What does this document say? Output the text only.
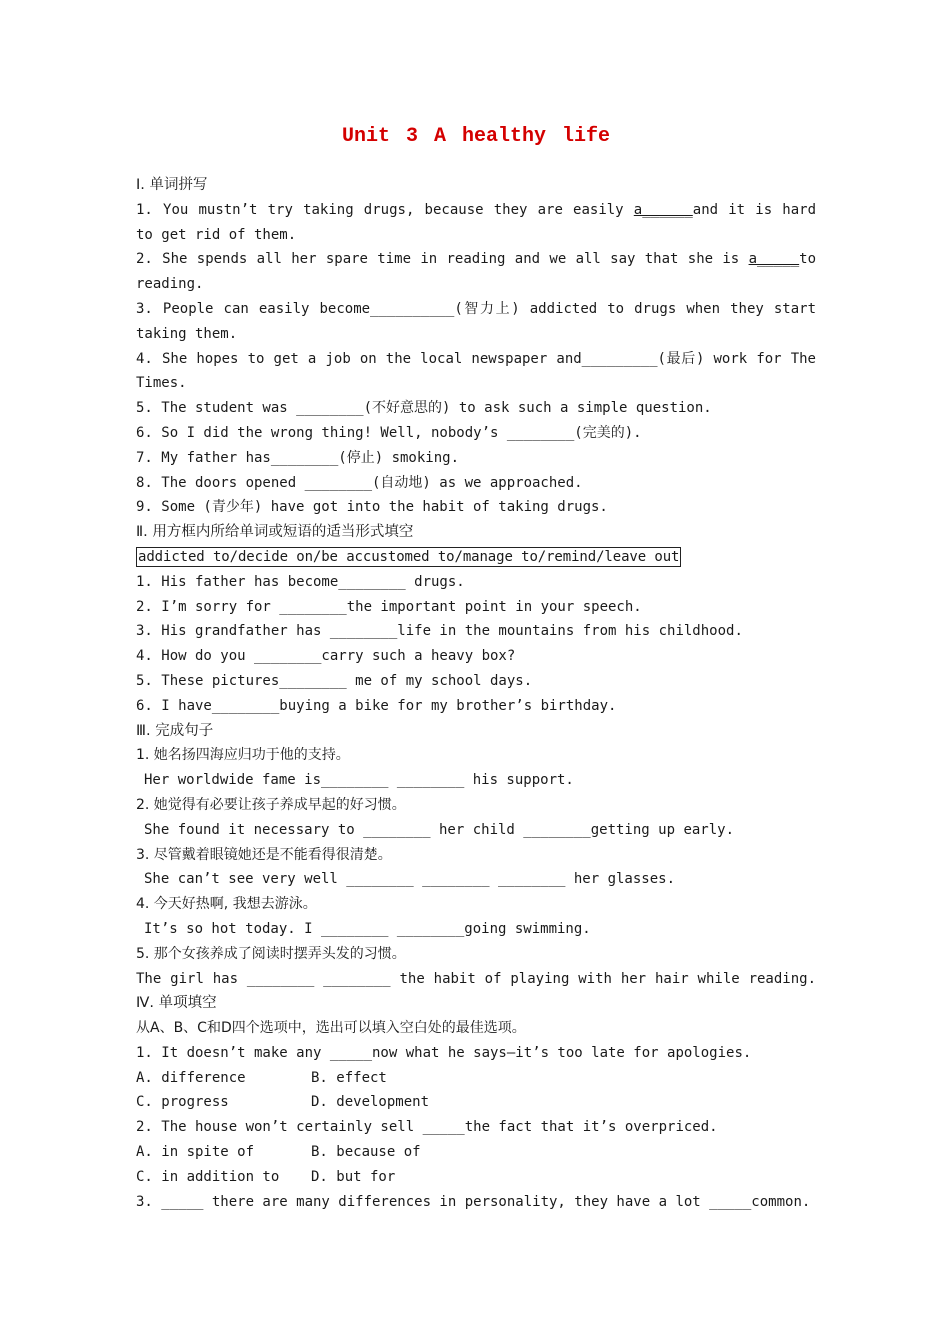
Unit 3 A healthy life
Ⅰ. 单词拼写
1. You mustn’t try taking drugs, because they are easily a______and it is hard
to get rid of them.
2. She spends all her spare time in reading and we all say that she is a_____to
reading.
3. People can easily become__________(智力上) addicted to drugs when they start
taking them.
4. She hopes to get a job on the local newspaper and_________(最后) work for The
Times.
5. The student was ________(不好意思的) to ask such a simple question.
6. So I did the wrong thing! Well, nobody’s ________(完美的).
7. My father has________(停止) smoking.
8. The doors opened ________(自动地) as we approached.
9. Some (青少年) have got into the habit of taking drugs.
Ⅱ. 用方框内所给单词或短语的适当形式填空
addicted to/decide on/be accustomed to/manage to/remind/leave out
1. His father has become________ drugs.
2. I’m sorry for ________the important point in your speech.
3. His grandfather has ________life in the mountains from his childhood.
4. How do you ________carry such a heavy box?
5. These pictures________ me of my school days.
6. I have________buying a bike for my brother’s birthday.
Ⅲ. 完成句子
1. 她名扬四海应归功于他的支持。
Her worldwide fame is________ ________ his support.
2. 她觉得有必要让孩子养成早起的好习惯。
She found it necessary to ________ her child ________getting up early.
3. 尽管戴着眼镜她还是不能看得很清楚。
She can’t see very well ________ ________ ________ her glasses.
4. 今天好热啊, 我想去游泳。
It’s so hot today. I ________ ________going swimming.
5. 那个女孩养成了阅读时摆弄头发的习惯。
The girl has ________ ________ the habit of playing with her hair while reading.
Ⅳ. 单项填空
从A、B、C和D四个选项中，选出可以填入空白处的最佳选项。
1. It doesn’t make any _____now what he says—it’s too late for apologies.
A. difference	B. effect
C. progress	D. development
2. The house won’t certainly sell _____the fact that it’s overpriced.
A. in spite of	B. because of
C. in addition to D. but for
3. _____ there are many differences in personality, they have a lot _____common.
